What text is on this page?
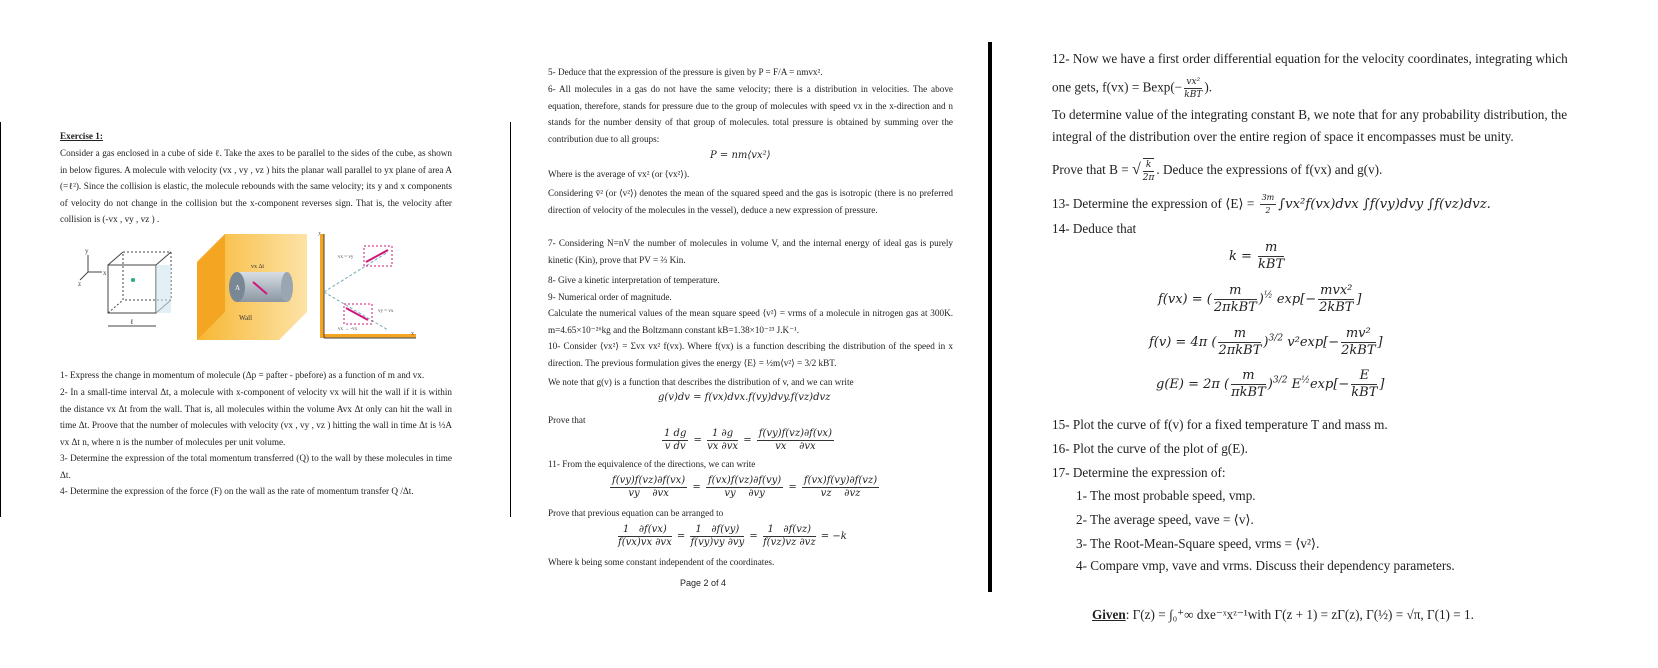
Exercise 1:

Consider a gas enclosed in a cube of side ℓ. Take the axes to be parallel to the sides of the cube, as shown in below figures. A molecule with velocity (vx , vy , vz ) hits the planar wall parallel to yx plane of area A (=ℓ²). Since the collision is elastic, the molecule rebounds with the same velocity; its y and x components of velocity do not change in the collision but the x-component reverses sign. That is, the velocity after collision is (-vx , vy , vz ) .

y
x
z
ℓ
A
vx Δt
Wall
y
x
vx = vy
vy = vx
vx → -vx

1- Express the change in momentum of molecule (Δp = pafter - pbefore) as a function of m and vx.

2- In a small-time interval Δt, a molecule with x-component of velocity vx will hit the wall if it is within the distance vx Δt from the wall. That is, all molecules within the volume Avx Δt only can hit the wall in time Δt. Proove that the number of molecules with velocity (vx , vy , vz ) hitting the wall in time Δt is ½A vx Δt n, where n is the number of molecules per unit volume.

3- Determine the expression of the total momentum transferred (Q) to the wall by these molecules in time Δt.

4- Determine the expression of the force (F) on the wall as the rate of momentum transfer Q /Δt.

5- Deduce that the expression of the pressure is given by P = F/A = nmvx².

6- All molecules in a gas do not have the same velocity; there is a distribution in velocities. The above equation, therefore, stands for pressure due to the group of molecules with speed vx in the x-direction and n stands for the number density of that group of molecules. total pressure is obtained by summing over the contribution due to all groups:

P = nm⟨vx²⟩

Where is the average of vx² (or ⟨vx²⟩).

Considering v̄² (or ⟨v²⟩) denotes the mean of the squared speed and the gas is isotropic (there is no preferred direction of velocity of the molecules in the vessel), deduce a new expression of pressure.

7- Considering N=nV the number of molecules in volume V, and the internal energy of ideal gas is purely kinetic (Kin), prove that PV = ⅔ Kin.

8- Give a kinetic interpretation of temperature.

9- Numerical order of magnitude.

Calculate the numerical values of the mean square speed ⟨v²⟩ = vrms of a molecule in nitrogen gas at 300K. m=4.65×10⁻²⁶kg and the Boltzmann constant kB=1.38×10⁻²³ J.K⁻¹.

10- Consider ⟨vx²⟩ = Σvx vx² f(vx). Where f(vx) is a function describing the distribution of the speed in x direction. The previous formulation gives the energy ⟨E⟩ = ½m⟨v²⟩ = 3/2 kBT.

We note that g(v) is a function that describes the distribution of v, and we can write

g(v)dv = f(vx)dvx.f(vy)dvy.f(vz)dvz

Prove that

$\frac{1 dg}{\text{v dv}} = \frac{1 \partial g}{vx \partial vx} = \frac{f(vy)f(vz)\partial f(vx)}{vx \partial vx}$

11- From the equivalence of the directions, we can write

$\frac{f(vy)f(vz)\partial f(vx)}{vy \partial vx} = \frac{f(vx)f(vz)\partial f(vy)}{vy \partial vy} = \frac{f(vx)f(vy)\partial f(vz)}{vz \partial vz}$

Prove that previous equation can be arranged to

$\frac{1 \partial f(vx)}{f(vx)vx \partial vx} = \frac{1 \partial f(vy)}{f(vy)vy \partial vy} = \frac{1 \partial f(vz)}{f(vz)vz \partial vz} = -k$

Where k being some constant independent of the coordinates.

Page 2 of 4
12- Now we have a first order differential equation for the velocity coordinates, integrating which
one gets, $f(vx) = Bexp(- \frac{\text{vx²}}{\text{kBT}}$ ).
To determine value of the integrating constant B, we note that for any probability distribution, the
integral of the distribution over the entire region of space it encompasses must be unity.
Prove that B = √ $\frac{k}{2\pi}$ . Deduce the expressions of f(vx) and g(v).
13- Determine the expression of ⟨E⟩ = $\frac{3m}{2} \int vx^2f(vx)dvx$ ∫f(vy)dvy ∫f(vz)dvz.
14- Deduce that
$k = \frac{m}{\text{kBT}}$
f(vx) = ( $\frac{m}{\text{2πkBT}} )^{\frac{1}{2}}$ $\exp[- \frac{\text{mvx²}}{\text{2kBT}}$ ]
f(v) = 4π ( $\frac{m}{\text{2πkBT}} )^{3/2}$ $v^2\exp[- \frac{\text{mv²}}{\text{2kBT}}$ ]
g(E) = 2π ( $\frac{m}{\text{πkBT}} )^{3/2}$ $E^{\frac{1}{2}}\exp[- \frac{E}{\text{kBT}}$ ]
15- Plot the curve of f(v) for a fixed temperature T and mass m.
16- Plot the curve of the plot of g(E).
17- Determine the expression of:
1- The most probable speed, vmp.
2- The average speed, vave = ⟨v⟩.
3- The Root-Mean-Square speed, vrms = ⟨v²⟩.
4- Compare vmp, vave and vrms. Discuss their dependency parameters.
Given: Γ(z) = ∫₀⁺∞ dxe⁻ˣxᶻ⁻¹with Γ(z + 1) = zΓ(z), Γ(½) = √π, Γ(1) = 1.
